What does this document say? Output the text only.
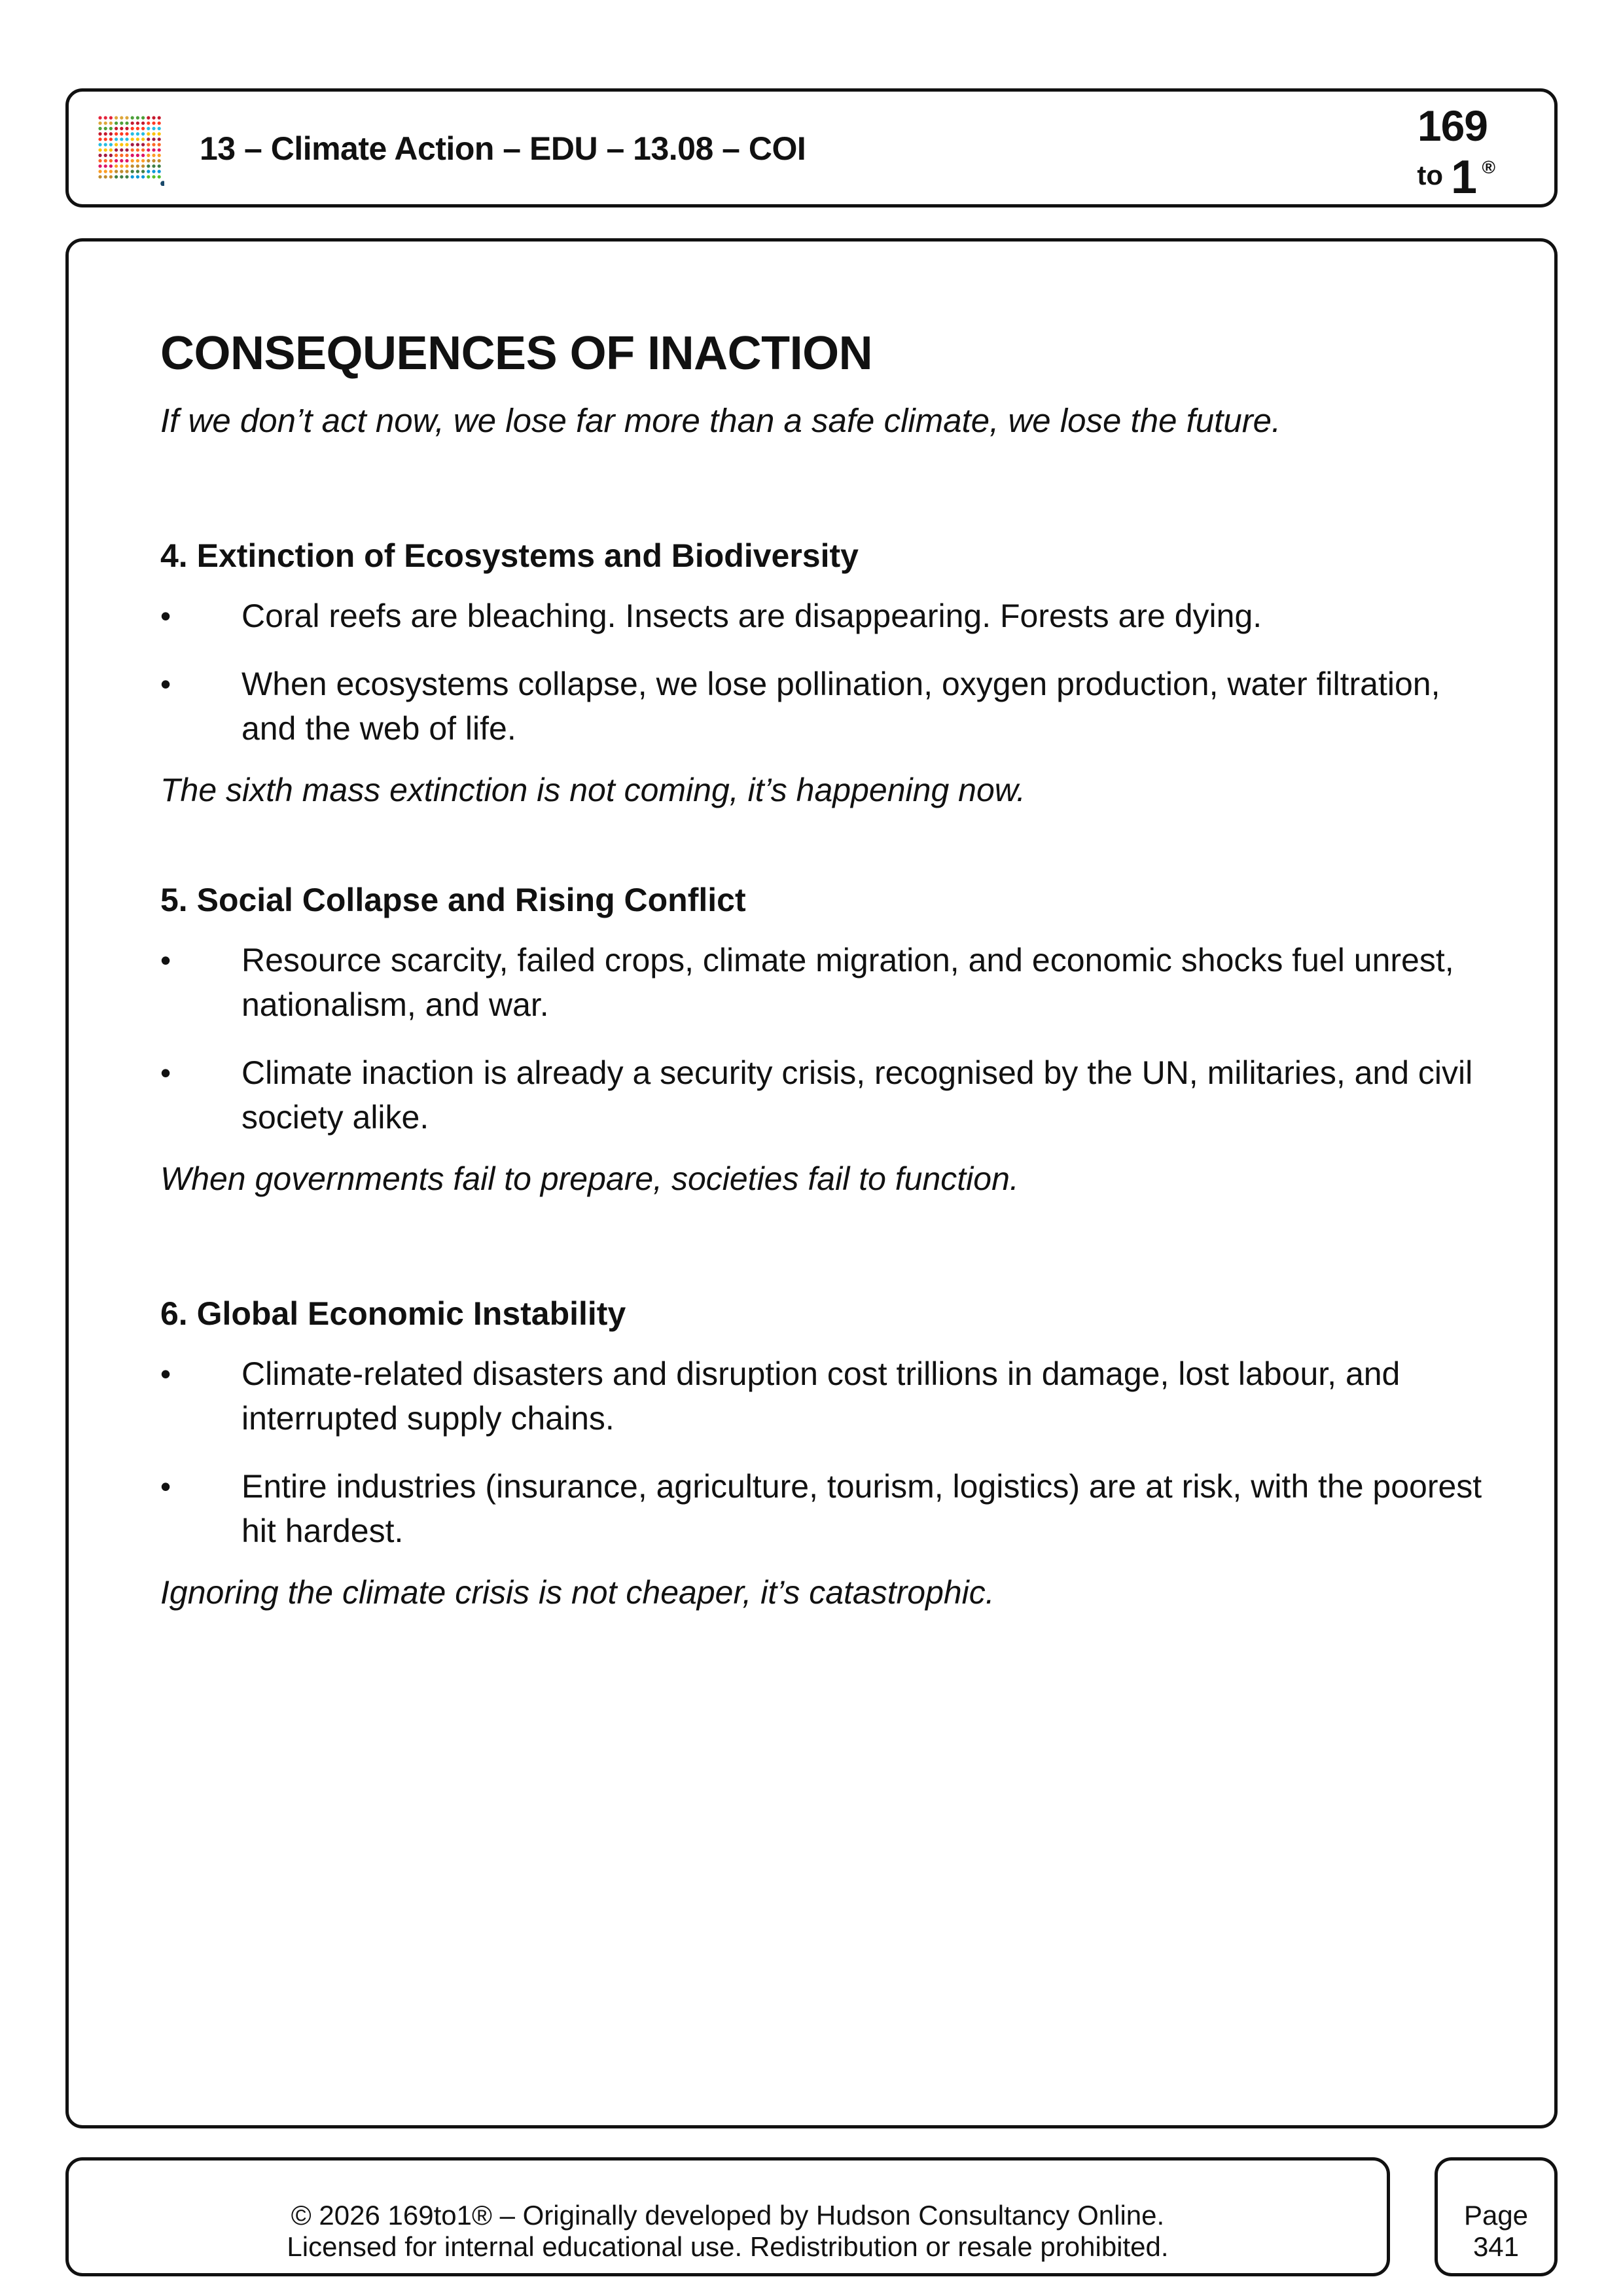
13 – Climate Action – EDU – 13.08 – COI	169
to 1 ®
CONSEQUENCES OF INACTION

If we don’t act now, we lose far more than a safe climate, we lose the future.

4. Extinction of Ecosystems and Biodiversity
• Coral reefs are bleaching. Insects are disappearing. Forests are dying.
• When ecosystems collapse, we lose pollination, oxygen production, water filtration, and the web of life.

The sixth mass extinction is not coming, it’s happening now.

5. Social Collapse and Rising Conflict
• Resource scarcity, failed crops, climate migration, and economic shocks fuel unrest, nationalism, and war.
• Climate inaction is already a security crisis, recognised by the UN, militaries, and civil society alike.

When governments fail to prepare, societies fail to function.

6. Global Economic Instability
• Climate-related disasters and disruption cost trillions in damage, lost labour, and interrupted supply chains.
• Entire industries (insurance, agriculture, tourism, logistics) are at risk, with the poorest hit hardest.

Ignoring the climate crisis is not cheaper, it’s catastrophic.

© 2026 169to1® – Originally developed by Hudson Consultancy Online.
Licensed for internal educational use. Redistribution or resale prohibited.
Page
341
